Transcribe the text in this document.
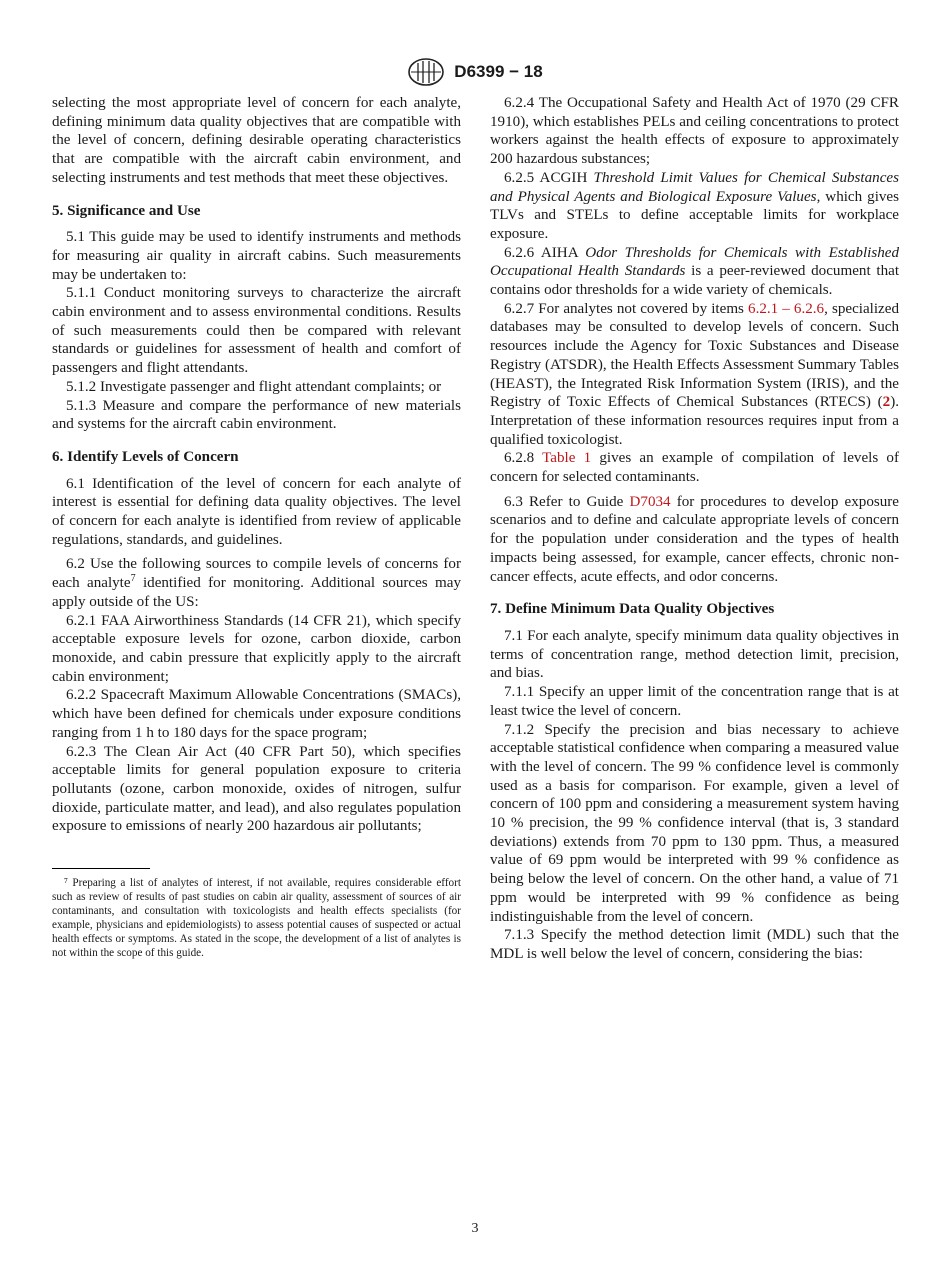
D6399 − 18

selecting the most appropriate level of concern for each analyte, defining minimum data quality objectives that are compatible with the level of concern, defining desirable operating characteristics that are compatible with the aircraft cabin environment, and selecting instruments and test methods that meet these objectives.

5. Significance and Use

5.1 This guide may be used to identify instruments and methods for measuring air quality in aircraft cabins. Such measurements may be undertaken to:

5.1.1 Conduct monitoring surveys to characterize the aircraft cabin environment and to assess environmental conditions. Results of such measurements could then be compared with relevant standards or guidelines for assessment of health and comfort of passengers and flight attendants.

5.1.2 Investigate passenger and flight attendant complaints; or

5.1.3 Measure and compare the performance of new materials and systems for the aircraft cabin environment.

6. Identify Levels of Concern

6.1 Identification of the level of concern for each analyte of interest is essential for defining data quality objectives. The level of concern for each analyte is identified from review of applicable regulations, standards, and guidelines.

6.2 Use the following sources to compile levels of concerns for each analyte$^7$ identified for monitoring. Additional sources may apply outside of the US:

6.2.1 FAA Airworthiness Standards (14 CFR 21), which specify acceptable exposure levels for ozone, carbon dioxide, carbon monoxide, and cabin pressure that explicitly apply to the aircraft cabin environment;

6.2.2 Spacecraft Maximum Allowable Concentrations (SMACs), which have been defined for chemicals under exposure conditions ranging from 1 h to 180 days for the space program;

6.2.3 The Clean Air Act (40 CFR Part 50), which specifies acceptable limits for general population exposure to criteria pollutants (ozone, carbon monoxide, oxides of nitrogen, sulfur dioxide, particulate matter, and lead), and also regulates population exposure to emissions of nearly 200 hazardous air pollutants;

⁷ Preparing a list of analytes of interest, if not available, requires considerable effort such as review of results of past studies on cabin air quality, assessment of sources of air contaminants, and consultation with toxicologists and health effects specialists (for example, physicians and epidemiologists) to assess potential causes of suspected or actual health effects or symptoms. As stated in the scope, the development of a list of analytes is not within the scope of this guide.

6.2.4 The Occupational Safety and Health Act of 1970 (29 CFR 1910), which establishes PELs and ceiling concentrations to protect workers against the health effects of exposure to approximately 200 hazardous substances;

6.2.5 ACGIH Threshold Limit Values for Chemical Substances and Physical Agents and Biological Exposure Values, which gives TLVs and STELs to define acceptable limits for workplace exposure.

6.2.6 AIHA Odor Thresholds for Chemicals with Established Occupational Health Standards is a peer-reviewed document that contains odor thresholds for a wide variety of chemicals.

6.2.7 For analytes not covered by items 6.2.1 – 6.2.6, specialized databases may be consulted to develop levels of concern. Such resources include the Agency for Toxic Substances and Disease Registry (ATSDR), the Health Effects Assessment Summary Tables (HEAST), the Integrated Risk Information System (IRIS), and the Registry of Toxic Effects of Chemical Substances (RTECS) (2). Interpretation of these information resources requires input from a qualified toxicologist.

6.2.8 Table 1 gives an example of compilation of levels of concern for selected contaminants.

6.3 Refer to Guide D7034 for procedures to develop exposure scenarios and to define and calculate appropriate levels of concern for the population under consideration and the types of health impacts being assessed, for example, cancer effects, chronic non-cancer effects, acute effects, and odor concerns.

7. Define Minimum Data Quality Objectives

7.1 For each analyte, specify minimum data quality objectives in terms of concentration range, method detection limit, precision, and bias.

7.1.1 Specify an upper limit of the concentration range that is at least twice the level of concern.

7.1.2 Specify the precision and bias necessary to achieve acceptable statistical confidence when comparing a measured value with the level of concern. The 99 % confidence level is commonly used as a basis for comparison. For example, given a level of concern of 100 ppm and considering a measurement system having 10 % precision, the 99 % confidence interval (that is, 3 standard deviations) extends from 70 ppm to 130 ppm. Thus, a measured value of 69 ppm would be interpreted with 99 % confidence as being below the level of concern. On the other hand, a value of 71 ppm would be interpreted with 99 % confidence as being indistinguishable from the level of concern.

7.1.3 Specify the method detection limit (MDL) such that the MDL is well below the level of concern, considering the bias:

3
